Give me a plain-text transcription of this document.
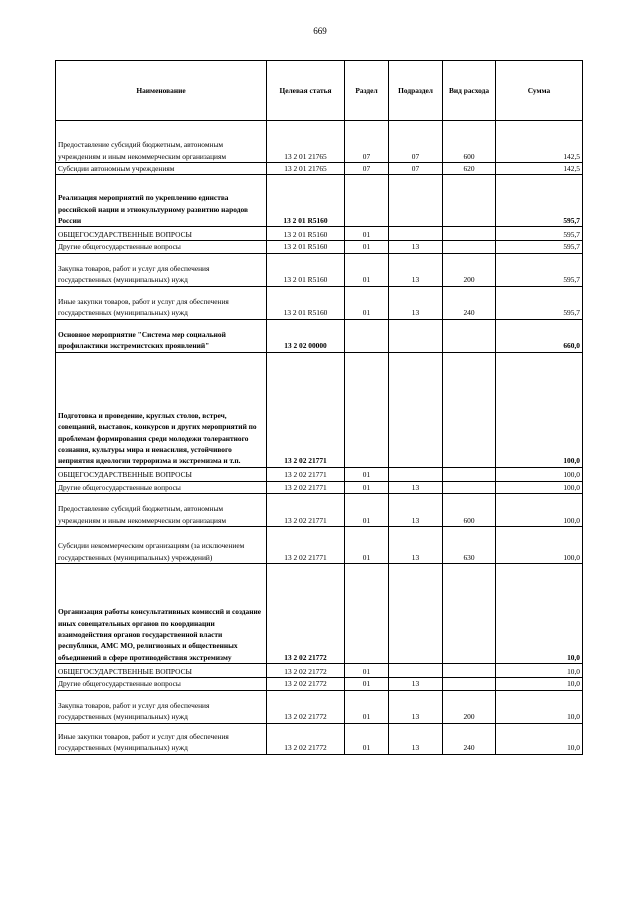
669
Наименование	Целевая статья	Раздел	Подраздел	Вид расхода	Сумма
Предоставление субсидий бюджетным, автономным учреждениям и иным некоммерческим организациям	13 2 01 21765	07	07	600	142,5
Субсидии автономным учреждениям	13 2 01 21765	07	07	620	142,5
Реализация мероприятий по укреплению единства российской нации и этнокультурному развитию народов России	13 2 01 R5160				595,7
ОБЩЕГОСУДАРСТВЕННЫЕ ВОПРОСЫ	13 2 01 R5160	01			595,7
Другие общегосударственные вопросы	13 2 01 R5160	01	13		595,7
Закупка товаров, работ и услуг для обеспечения государственных (муниципальных) нужд	13 2 01 R5160	01	13	200	595,7
Иные закупки товаров, работ и услуг для обеспечения государственных (муниципальных) нужд	13 2 01 R5160	01	13	240	595,7
Основное мероприятие "Система мер социальной профилактики экстремистских проявлений"	13 2 02 00000				660,0
Подготовка и проведение, круглых столов, встреч, совещаний, выставок, конкурсов и других мероприятий по проблемам формирования среди молодежи толерантного сознания, культуры мира и ненасилия, устойчивого неприятия идеологии терроризма и экстремизма и т.п.	13 2 02 21771				100,0
ОБЩЕГОСУДАРСТВЕННЫЕ ВОПРОСЫ	13 2 02 21771	01			100,0
Другие общегосударственные вопросы	13 2 02 21771	01	13		100,0
Предоставление субсидий бюджетным, автономным учреждениям и иным некоммерческим организациям	13 2 02 21771	01	13	600	100,0
Субсидии некоммерческим организациям (за исключением государственных (муниципальных) учреждений)	13 2 02 21771	01	13	630	100,0
Организация работы консультативных комиссий и создание иных совещательных органов по координации взаимодействия органов государственной власти республики, АМС МО, религиозных и общественных объединений в сфере противодействия экстремизму	13 2 02 21772				10,0
ОБЩЕГОСУДАРСТВЕННЫЕ ВОПРОСЫ	13 2 02 21772	01			10,0
Другие общегосударственные вопросы	13 2 02 21772	01	13		10,0
Закупка товаров, работ и услуг для обеспечения государственных (муниципальных) нужд	13 2 02 21772	01	13	200	10,0
Иные закупки товаров, работ и услуг для обеспечения государственных (муниципальных) нужд	13 2 02 21772	01	13	240	10,0
